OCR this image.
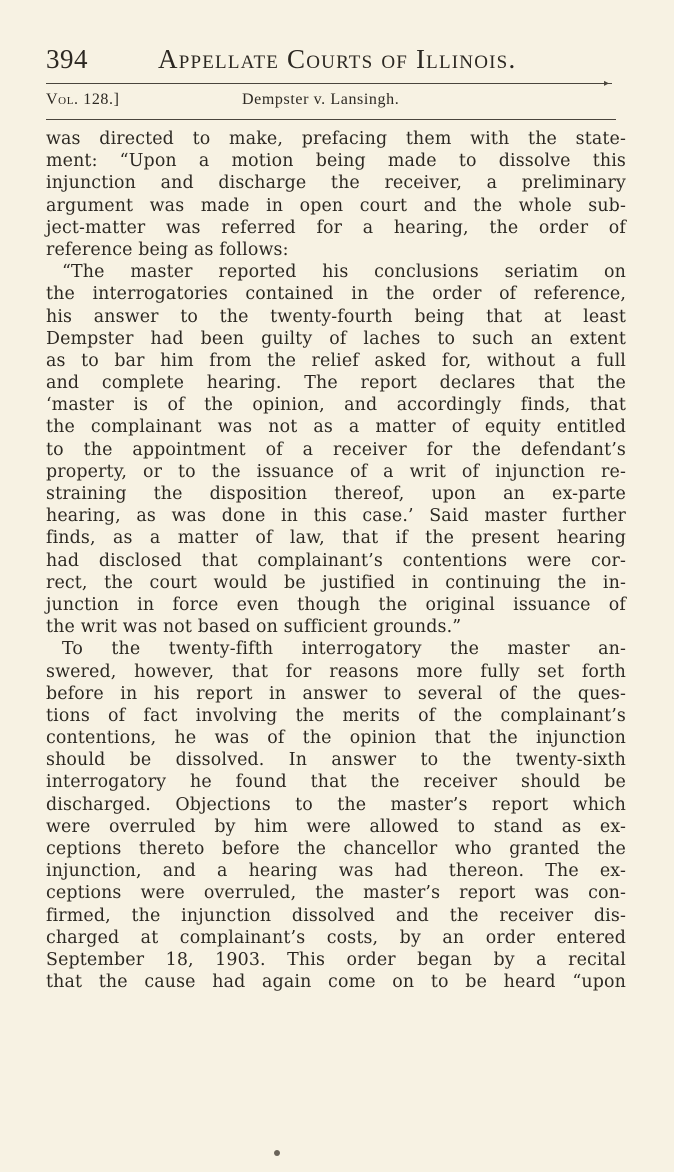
394	Appellate Courts of Illinois.
▸
Vol. 128.]	Dempster v. Lansingh.
was directed to make, prefacing them with the state-
ment: “Upon a motion being made to dissolve this
injunction and discharge the receiver, a preliminary
argument was made in open court and the whole sub-
ject-matter was referred for a hearing, the order of
reference being as follows:
“The master reported his conclusions seriatim on
the interrogatories contained in the order of reference,
his answer to the twenty-fourth being that at least
Dempster had been guilty of laches to such an extent
as to bar him from the relief asked for, without a full
and complete hearing. The report declares that the
‘master is of the opinion, and accordingly finds, that
the complainant was not as a matter of equity entitled
to the appointment of a receiver for the defendant’s
property, or to the issuance of a writ of injunction re-
straining the disposition thereof, upon an ex-parte
hearing, as was done in this case.’ Said master further
finds, as a matter of law, that if the present hearing
had disclosed that complainant’s contentions were cor-
rect, the court would be justified in continuing the in-
junction in force even though the original issuance of
the writ was not based on sufficient grounds.”
To the twenty-fifth interrogatory the master an-
swered, however, that for reasons more fully set forth
before in his report in answer to several of the ques-
tions of fact involving the merits of the complainant’s
contentions, he was of the opinion that the injunction
should be dissolved. In answer to the twenty-sixth
interrogatory he found that the receiver should be
discharged. Objections to the master’s report which
were overruled by him were allowed to stand as ex-
ceptions thereto before the chancellor who granted the
injunction, and a hearing was had thereon. The ex-
ceptions were overruled, the master’s report was con-
firmed, the injunction dissolved and the receiver dis-
charged at complainant’s costs, by an order entered
September 18, 1903. This order began by a recital
that the cause had again come on to be heard “upon
